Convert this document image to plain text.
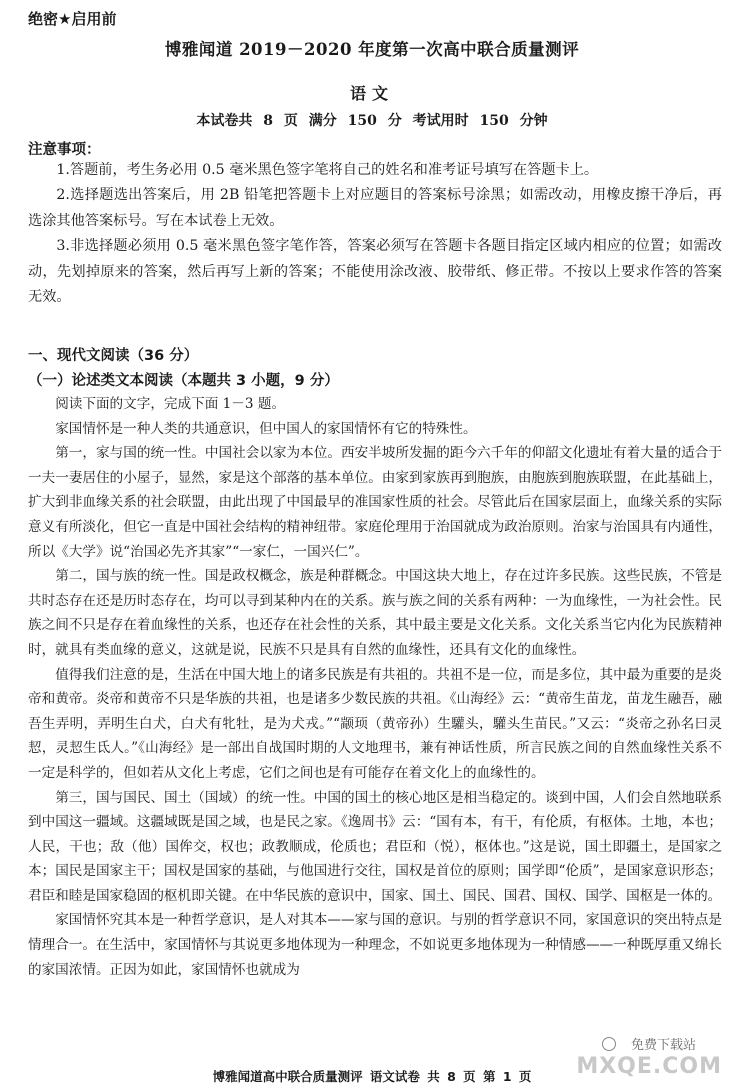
绝密★启用前
博雅闻道 2019－2020 年度第一次高中联合质量测评
语文
本试卷共 8 页 满分 150 分 考试用时 150 分钟
注意事项：

1.答题前，考生务必用 0.5 毫米黑色签字笔将自己的姓名和准考证号填写在答题卡上。

2.选择题选出答案后，用 2B 铅笔把答题卡上对应题目的答案标号涂黑；如需改动，用橡皮擦干净后，再选涂其他答案标号。写在本试卷上无效。

3.非选择题必须用 0.5 毫米黑色签字笔作答，答案必须写在答题卡各题目指定区域内相应的位置；如需改动，先划掉原来的答案，然后再写上新的答案；不能使用涂改液、胶带纸、修正带。不按以上要求作答的答案无效。

一、现代文阅读（36 分）
（一）论述类文本阅读（本题共 3 小题，9 分）

阅读下面的文字，完成下面 1－3 题。

家国情怀是一种人类的共通意识，但中国人的家国情怀有它的特殊性。

第一，家与国的统一性。中国社会以家为本位。西安半坡所发掘的距今六千年的仰韶文化遗址有着大量的适合于一夫一妻居住的小屋子，显然，家是这个部落的基本单位。由家到家族再到胞族，由胞族到胞族联盟，在此基础上，扩大到非血缘关系的社会联盟，由此出现了中国最早的准国家性质的社会。尽管此后在国家层面上，血缘关系的实际意义有所淡化，但它一直是中国社会结构的精神纽带。家庭伦理用于治国就成为政治原则。治家与治国具有内通性，所以《大学》说“治国必先齐其家”“一家仁，一国兴仁”。

第二，国与族的统一性。国是政权概念，族是种群概念。中国这块大地上，存在过许多民族。这些民族，不管是共时态存在还是历时态存在，均可以寻到某种内在的关系。族与族之间的关系有两种：一为血缘性，一为社会性。民族之间不只是存在着血缘性的关系，也还存在社会性的关系，其中最主要是文化关系。文化关系当它内化为民族精神时，就具有类血缘的意义，这就是说，民族不只是具有自然的血缘性，还具有文化的血缘性。

值得我们注意的是，生活在中国大地上的诸多民族是有共祖的。共祖不是一位，而是多位，其中最为重要的是炎帝和黄帝。炎帝和黄帝不只是华族的共祖，也是诸多少数民族的共祖。《山海经》云：“黄帝生苗龙，苗龙生融吾，融吾生弄明，弄明生白犬，白犬有牝牡，是为犬戎。”“颛顼（黄帝孙）生驩头，驩头生苗民。”又云：“炎帝之孙名曰灵恝，灵恝生氐人。”《山海经》是一部出自战国时期的人文地理书，兼有神话性质，所言民族之间的自然血缘性关系不一定是科学的，但如若从文化上考虑，它们之间也是有可能存在着文化上的血缘性的。

第三，国与国民、国土（国域）的统一性。中国的国土的核心地区是相当稳定的。谈到中国，人们会自然地联系到中国这一疆域。这疆域既是国之域，也是民之家。《逸周书》云：“国有本，有干，有伦质，有枢体。土地，本也；人民，干也；敌（他）国侔交，权也；政教顺成，伦质也；君臣和（悦），枢体也。”这是说，国土即疆土，是国家之本；国民是国家主干；国权是国家的基础，与他国进行交往，国权是首位的原则；国学即“伦质”，是国家意识形态；君臣和睦是国家稳固的枢机即关键。在中华民族的意识中，国家、国土、国民、国君、国权、国学、国枢是一体的。

家国情怀究其本是一种哲学意识，是人对其本——家与国的意识。与别的哲学意识不同，家国意识的突出特点是情理合一。在生活中，家国情怀与其说更多地体现为一种理念，不如说更多地体现为一种情感——一种既厚重又绵长的家国浓情。正因为如此，家国情怀也就成为

免费下载站
MXQE.COM
博雅闻道高中联合质量测评 语文试卷 共 8 页 第 1 页
